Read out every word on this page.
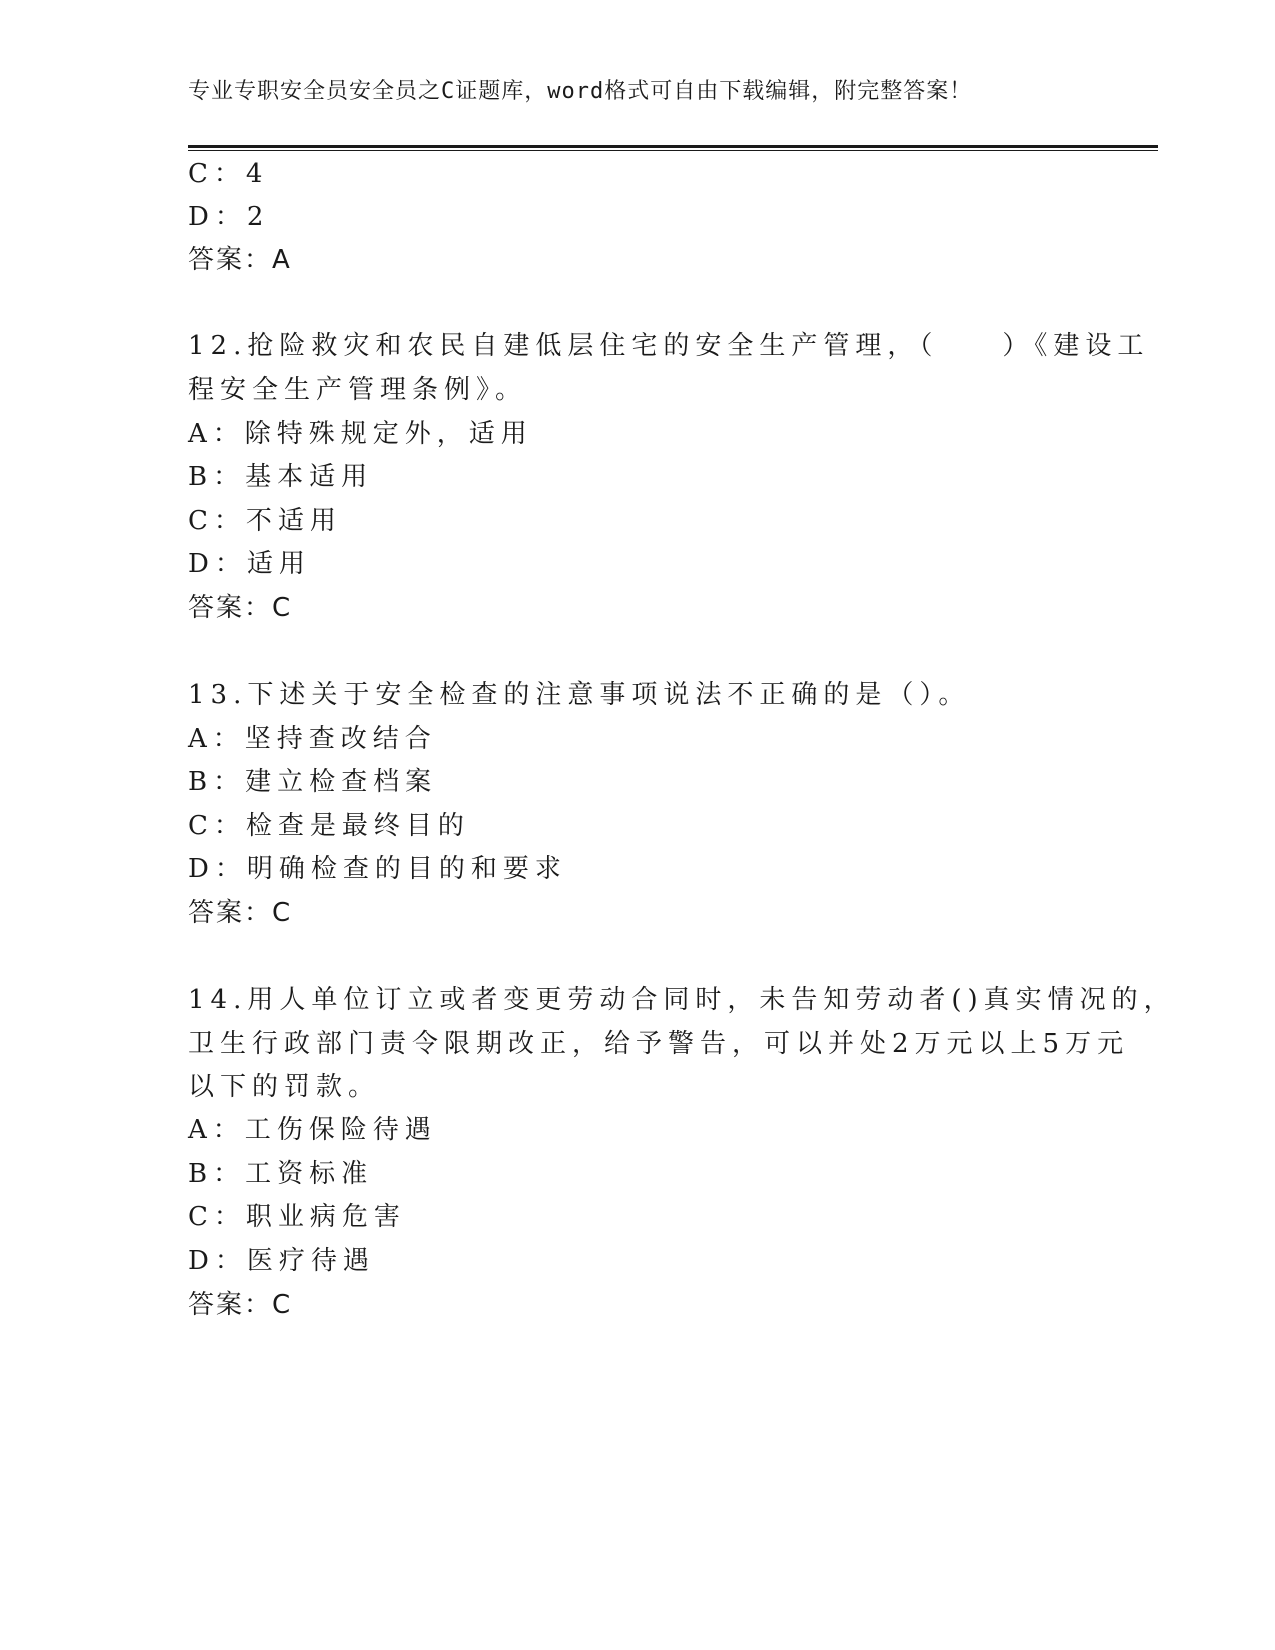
专业专职安全员安全员之C证题库，word格式可自由下载编辑，附完整答案！
C：4
D：2
答案：A
12.抢险救灾和农民自建低层住宅的安全生产管理，（　　）《建设工
程安全生产管理条例》。
A：除特殊规定外，适用
B：基本适用
C：不适用
D：适用
答案：C
13.下述关于安全检查的注意事项说法不正确的是（）。
A：坚持查改结合
B：建立检查档案
C：检查是最终目的
D：明确检查的目的和要求
答案：C
14.用人单位订立或者变更劳动合同时，未告知劳动者()真实情况的，
卫生行政部门责令限期改正，给予警告，可以并处2万元以上5万元
以下的罚款。
A：工伤保险待遇
B：工资标准
C：职业病危害
D：医疗待遇
答案：C
